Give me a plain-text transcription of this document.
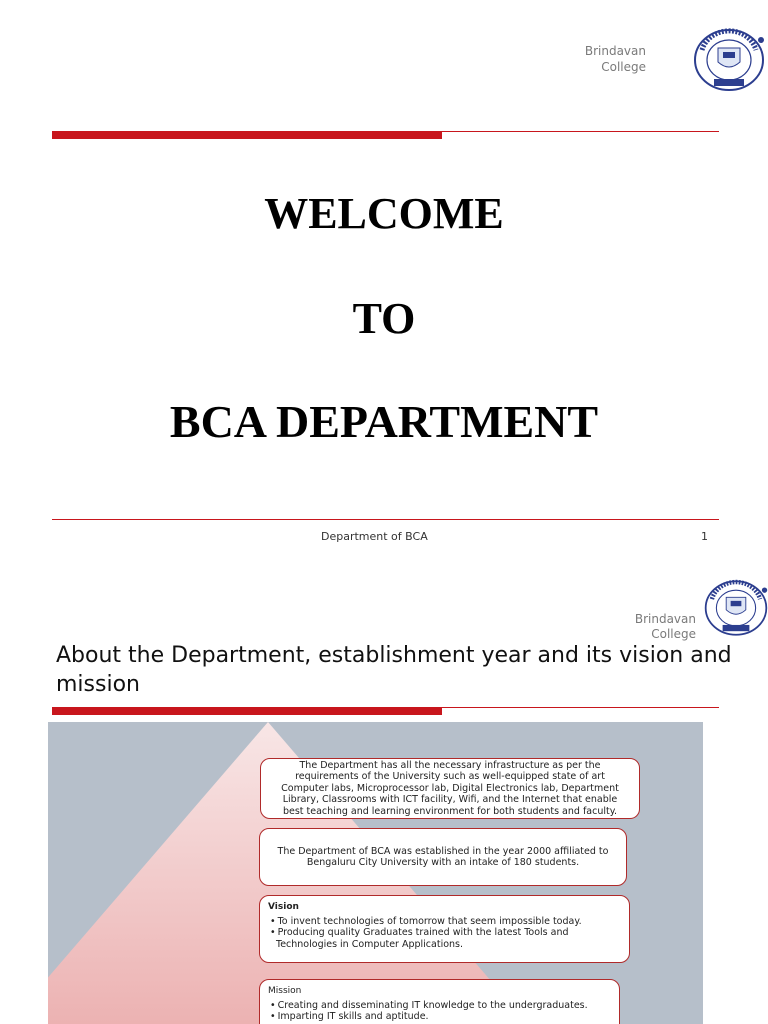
Brindavan
College
WELCOME
TO
BCA DEPARTMENT
Department of BCA	1
Brindavan
College
About the Department, establishment year and its vision and mission
The Department has all the necessary infrastructure as per the requirements of the University such as well-equipped state of art Computer labs, Microprocessor lab, Digital Electronics lab, Department Library, Classrooms with ICT facility, Wifi, and the Internet that enable best teaching and learning environment for both students and faculty.
The Department of BCA was established in the year 2000 affiliated to Bengaluru City University with an intake of 180 students.
Vision
• To invent technologies of tomorrow that seem impossible today.
• Producing quality Graduates trained with the latest Tools and Technologies in Computer Applications.
Mission
• Creating and disseminating IT knowledge to the undergraduates.
• Imparting IT skills and aptitude.
